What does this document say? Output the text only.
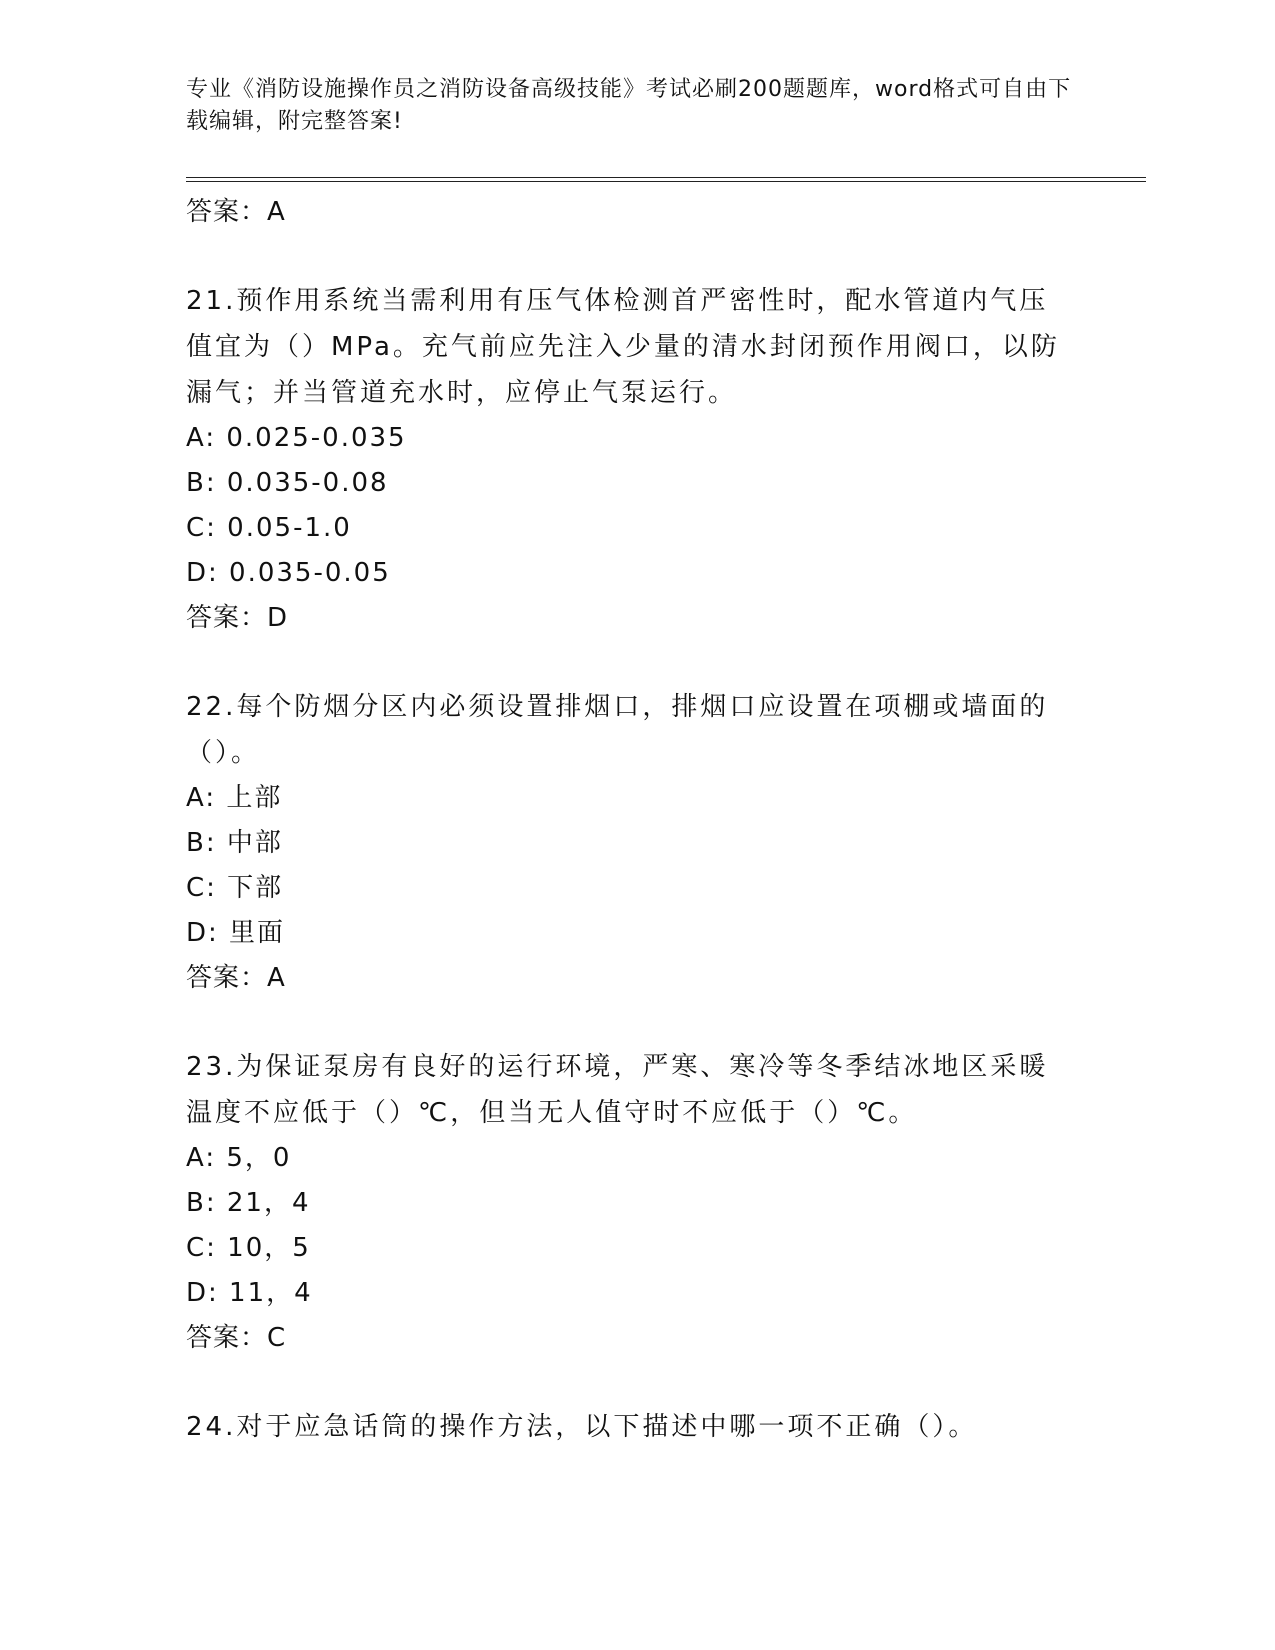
专业《消防设施操作员之消防设备高级技能》考试必刷200题题库，word格式可自由下载编辑，附完整答案!
答案：A
21.预作用系统当需利用有压气体检测首严密性时，配水管道内气压值宜为（）MPa。充气前应先注入少量的清水封闭预作用阀口，以防漏气；并当管道充水时，应停止气泵运行。
A: 0.025-0.035
B: 0.035-0.08
C: 0.05-1.0
D: 0.035-0.05
答案：D
22.每个防烟分区内必须设置排烟口，排烟口应设置在项棚或墙面的（）。
A: 上部
B: 中部
C: 下部
D: 里面
答案：A
23.为保证泵房有良好的运行环境，严寒、寒冷等冬季结冰地区采暖温度不应低于（）℃，但当无人值守时不应低于（）℃。
A: 5，0
B: 21，4
C: 10，5
D: 11，4
答案：C
24.对于应急话筒的操作方法，以下描述中哪一项不正确（）。
